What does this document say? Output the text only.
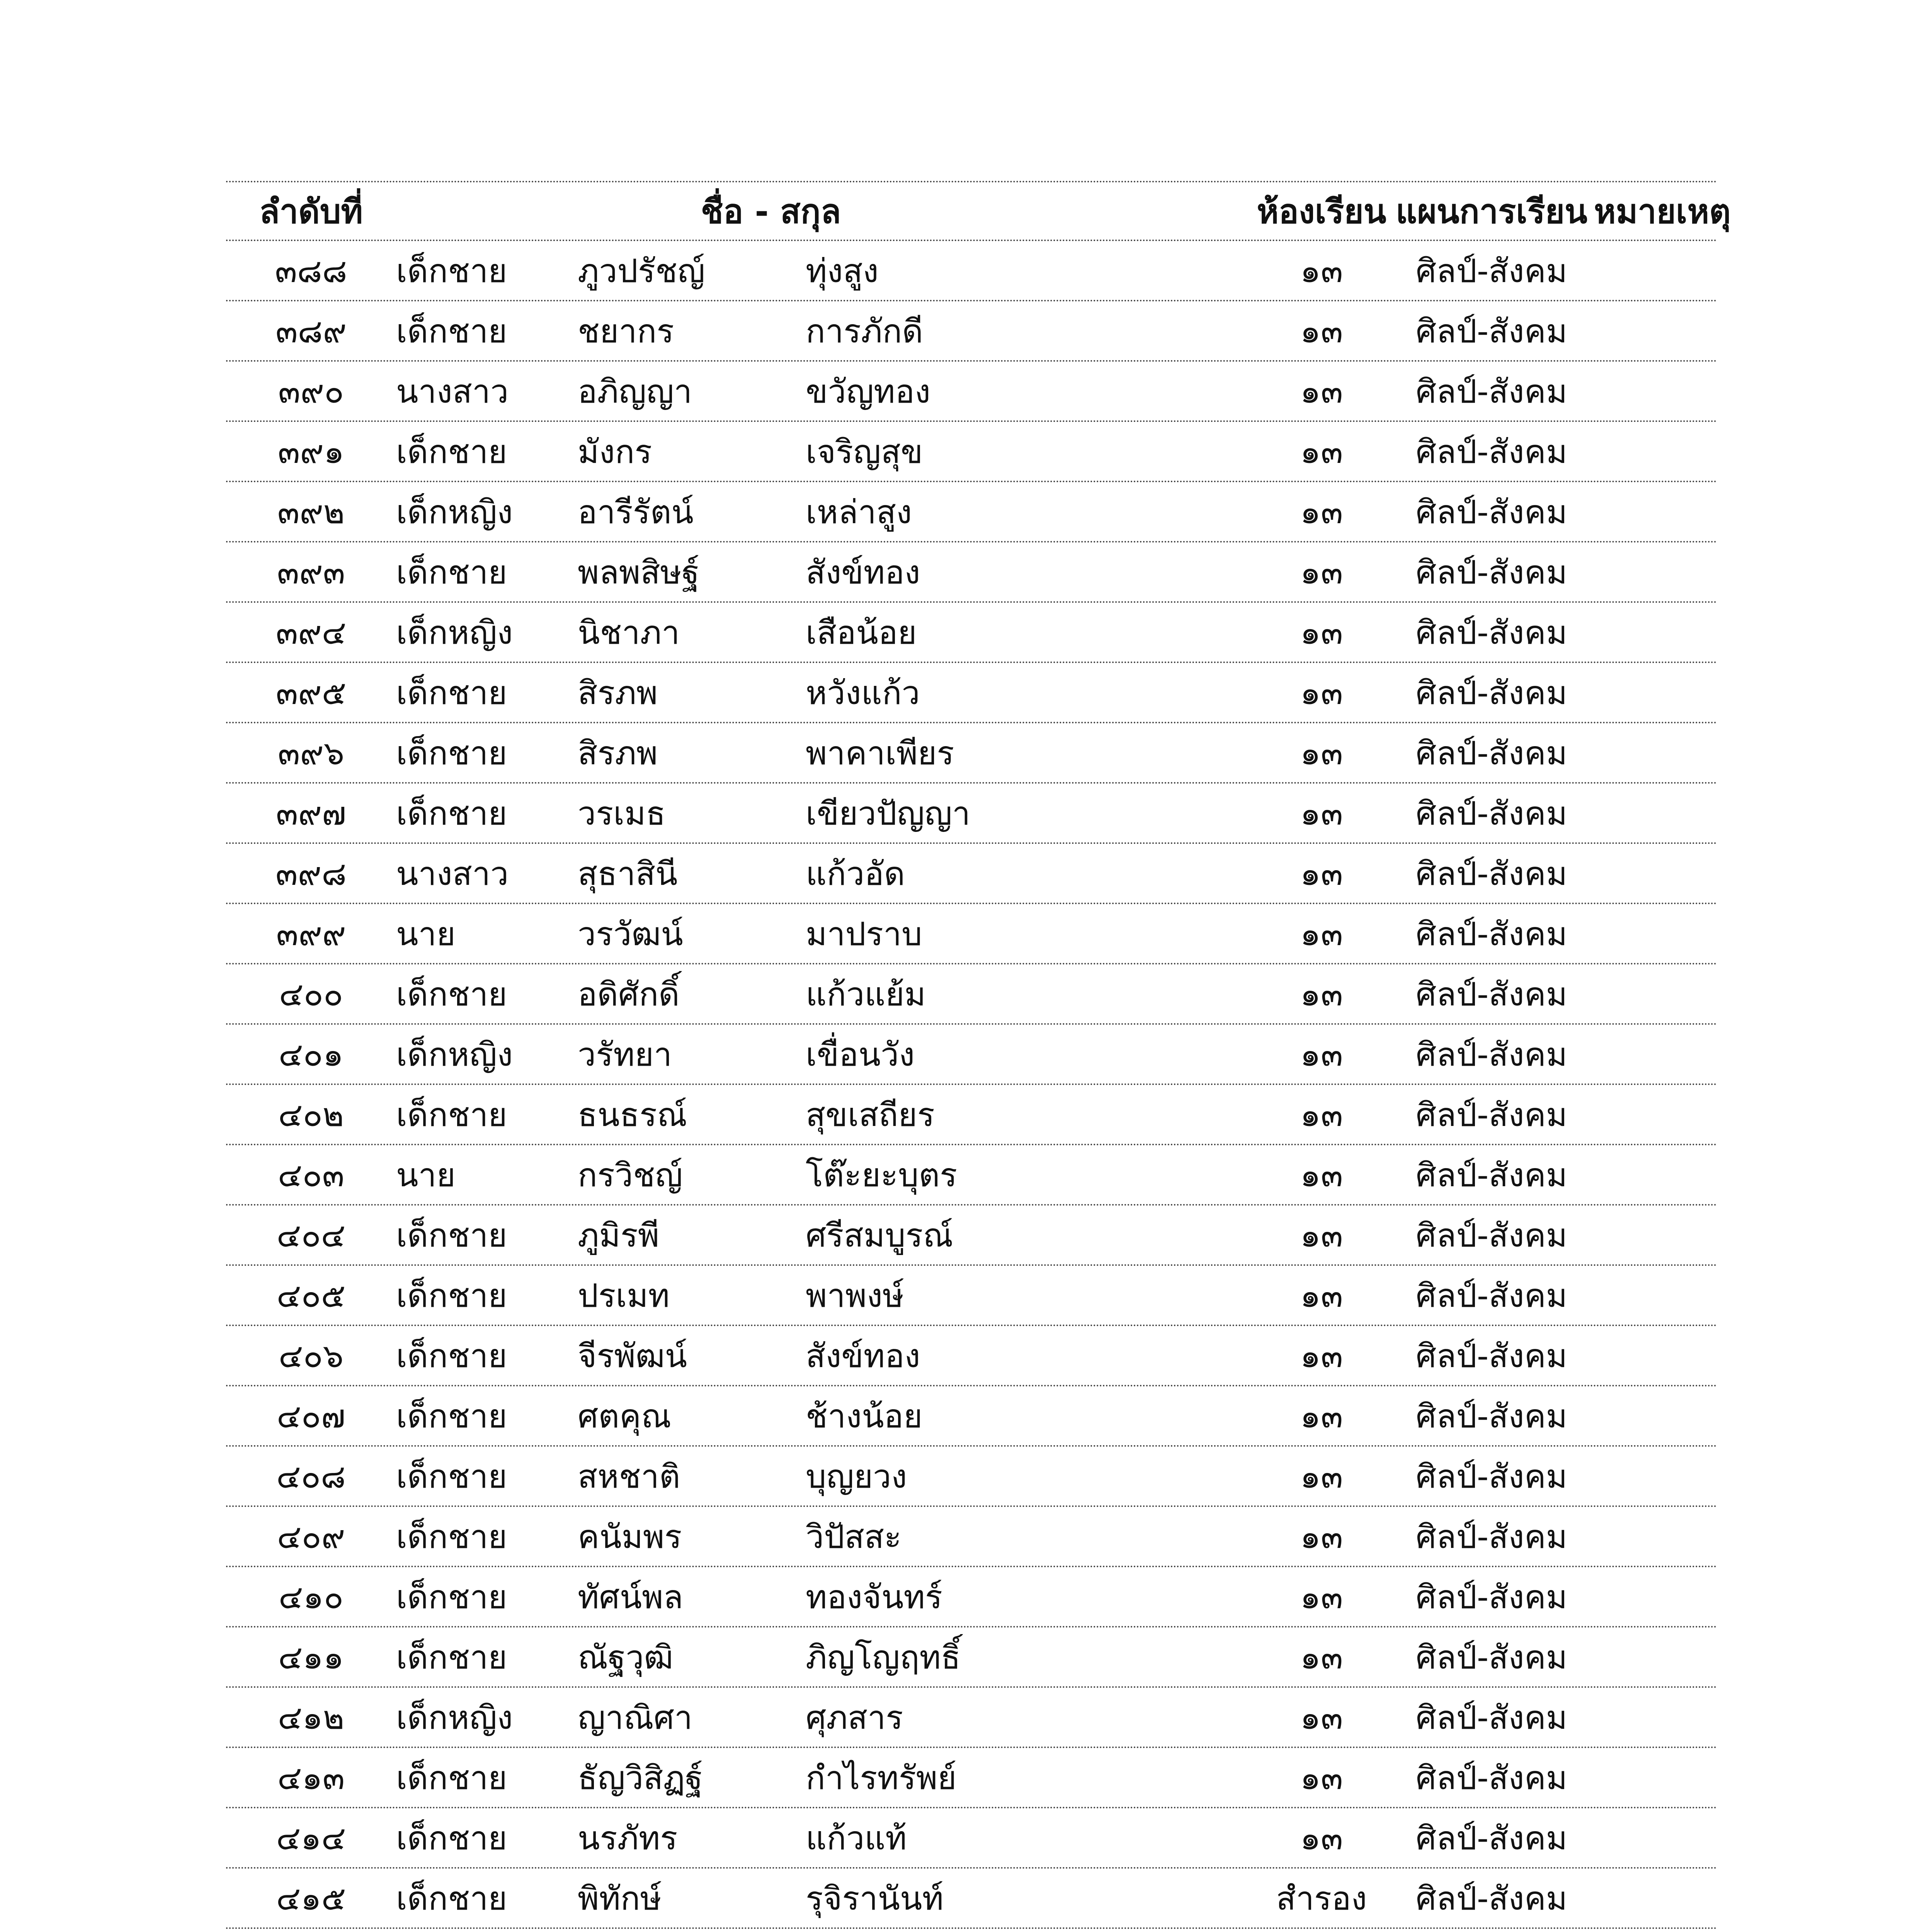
ลำดับที่	ชื่อ - สกุล	ห้องเรียน แผนการเรียน หมายเหตุ
๓๘๘	เด็กชาย	ภูวปรัชญ์	ทุ่งสูง	๑๓	ศิลป์-สังคม
๓๘๙	เด็กชาย	ชยากร	การภักดี	๑๓	ศิลป์-สังคม
๓๙๐	นางสาว	อภิญญา	ขวัญทอง	๑๓	ศิลป์-สังคม
๓๙๑	เด็กชาย	มังกร	เจริญสุข	๑๓	ศิลป์-สังคม
๓๙๒	เด็กหญิง	อารีรัตน์	เหล่าสูง	๑๓	ศิลป์-สังคม
๓๙๓	เด็กชาย	พลพสิษฐ์	สังข์ทอง	๑๓	ศิลป์-สังคม
๓๙๔	เด็กหญิง	นิชาภา	เสือน้อย	๑๓	ศิลป์-สังคม
๓๙๕	เด็กชาย	สิรภพ	หวังแก้ว	๑๓	ศิลป์-สังคม
๓๙๖	เด็กชาย	สิรภพ	พาคาเพียร	๑๓	ศิลป์-สังคม
๓๙๗	เด็กชาย	วรเมธ	เขียวปัญญา	๑๓	ศิลป์-สังคม
๓๙๘	นางสาว	สุธาสินี	แก้วอัด	๑๓	ศิลป์-สังคม
๓๙๙	นาย	วรวัฒน์	มาปราบ	๑๓	ศิลป์-สังคม
๔๐๐	เด็กชาย	อดิศักดิ์	แก้วแย้ม	๑๓	ศิลป์-สังคม
๔๐๑	เด็กหญิง	วรัทยา	เขื่อนวัง	๑๓	ศิลป์-สังคม
๔๐๒	เด็กชาย	ธนธรณ์	สุขเสถียร	๑๓	ศิลป์-สังคม
๔๐๓	นาย	กรวิชญ์	โต๊ะยะบุตร	๑๓	ศิลป์-สังคม
๔๐๔	เด็กชาย	ภูมิรพี	ศรีสมบูรณ์	๑๓	ศิลป์-สังคม
๔๐๕	เด็กชาย	ปรเมท	พาพงษ์	๑๓	ศิลป์-สังคม
๔๐๖	เด็กชาย	จีรพัฒน์	สังข์ทอง	๑๓	ศิลป์-สังคม
๔๐๗	เด็กชาย	ศตคุณ	ช้างน้อย	๑๓	ศิลป์-สังคม
๔๐๘	เด็กชาย	สหชาติ	บุญยวง	๑๓	ศิลป์-สังคม
๔๐๙	เด็กชาย	คนัมพร	วิปัสสะ	๑๓	ศิลป์-สังคม
๔๑๐	เด็กชาย	ทัศน์พล	ทองจันทร์	๑๓	ศิลป์-สังคม
๔๑๑	เด็กชาย	ณัฐวุฒิ	ภิญโญฤทธิ์	๑๓	ศิลป์-สังคม
๔๑๒	เด็กหญิง	ญาณิศา	ศุภสาร	๑๓	ศิลป์-สังคม
๔๑๓	เด็กชาย	ธัญวิสิฏฐ์	กำไรทรัพย์	๑๓	ศิลป์-สังคม
๔๑๔	เด็กชาย	นรภัทร	แก้วแท้	๑๓	ศิลป์-สังคม
๔๑๕	เด็กชาย	พิทักษ์	รุจิรานันท์	สำรอง	ศิลป์-สังคม
